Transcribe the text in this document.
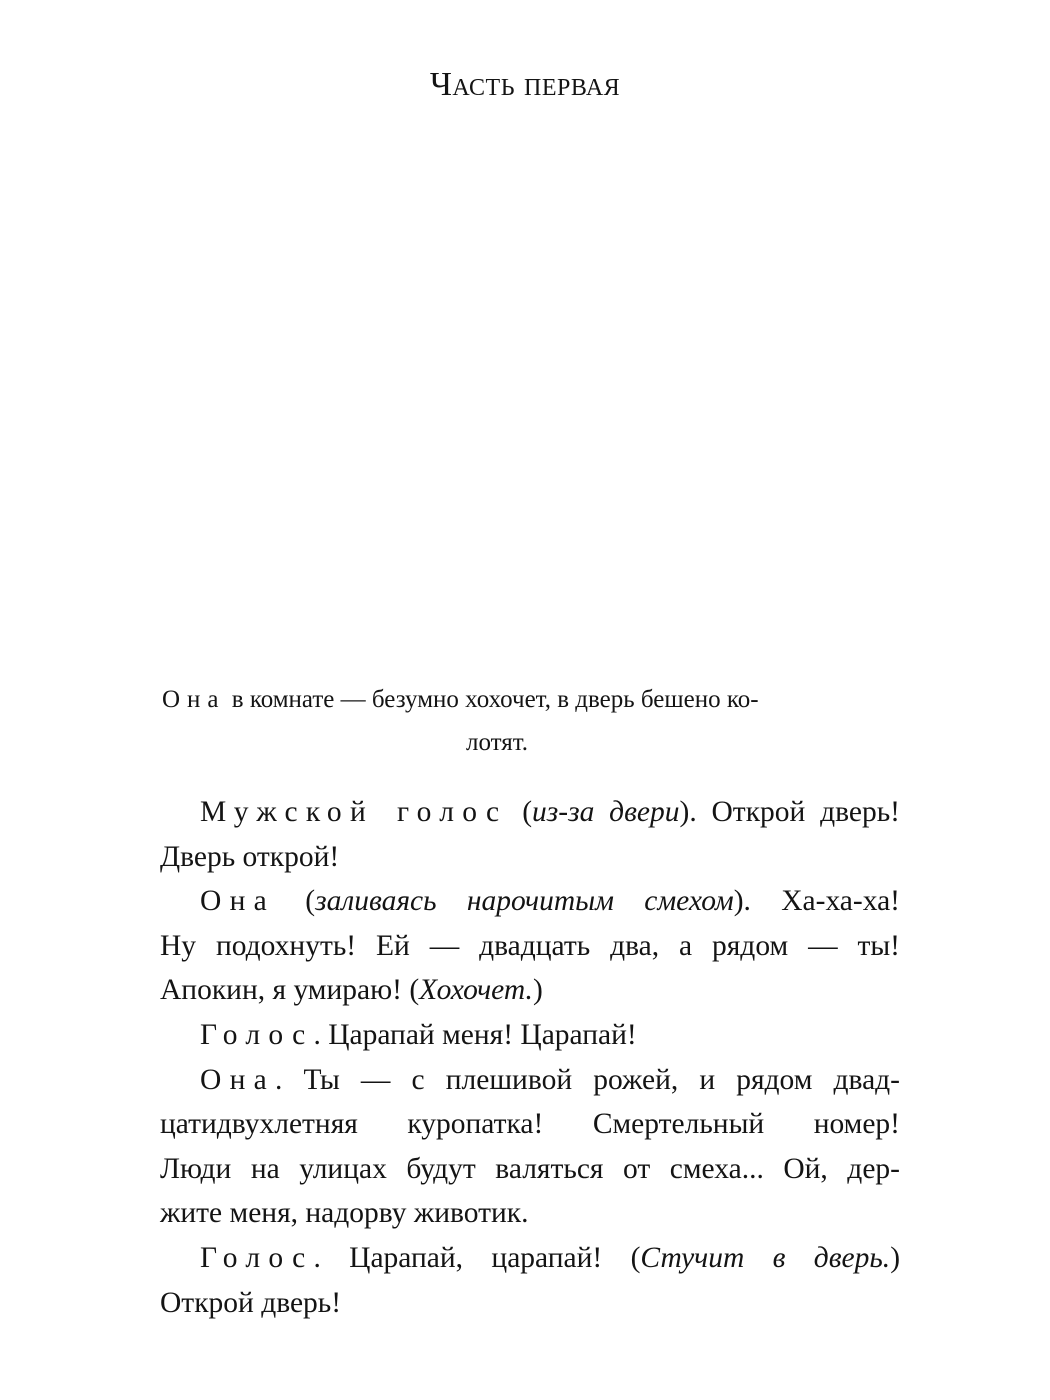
Часть первая
Она в комнате — безумно хохочет, в дверь бешено ко-
лотят.
Мужской голос (из-за двери). Открой дверь!
Дверь открой!
Она (заливаясь нарочитым смехом). Ха-ха-ха!
Ну подохнуть! Ей — двадцать два, а рядом — ты!
Апокин, я умираю! (Хохочет.)
Голос. Царапай меня! Царапай!
Она. Ты — с плешивой рожей, и рядом двад-
цатидвухлетняя куропатка! Смертельный номер!
Люди на улицах будут валяться от смеха... Ой, дер-
жите меня, надорву животик.
Голос. Царапай, царапай! (Стучит в дверь.)
Открой дверь!
